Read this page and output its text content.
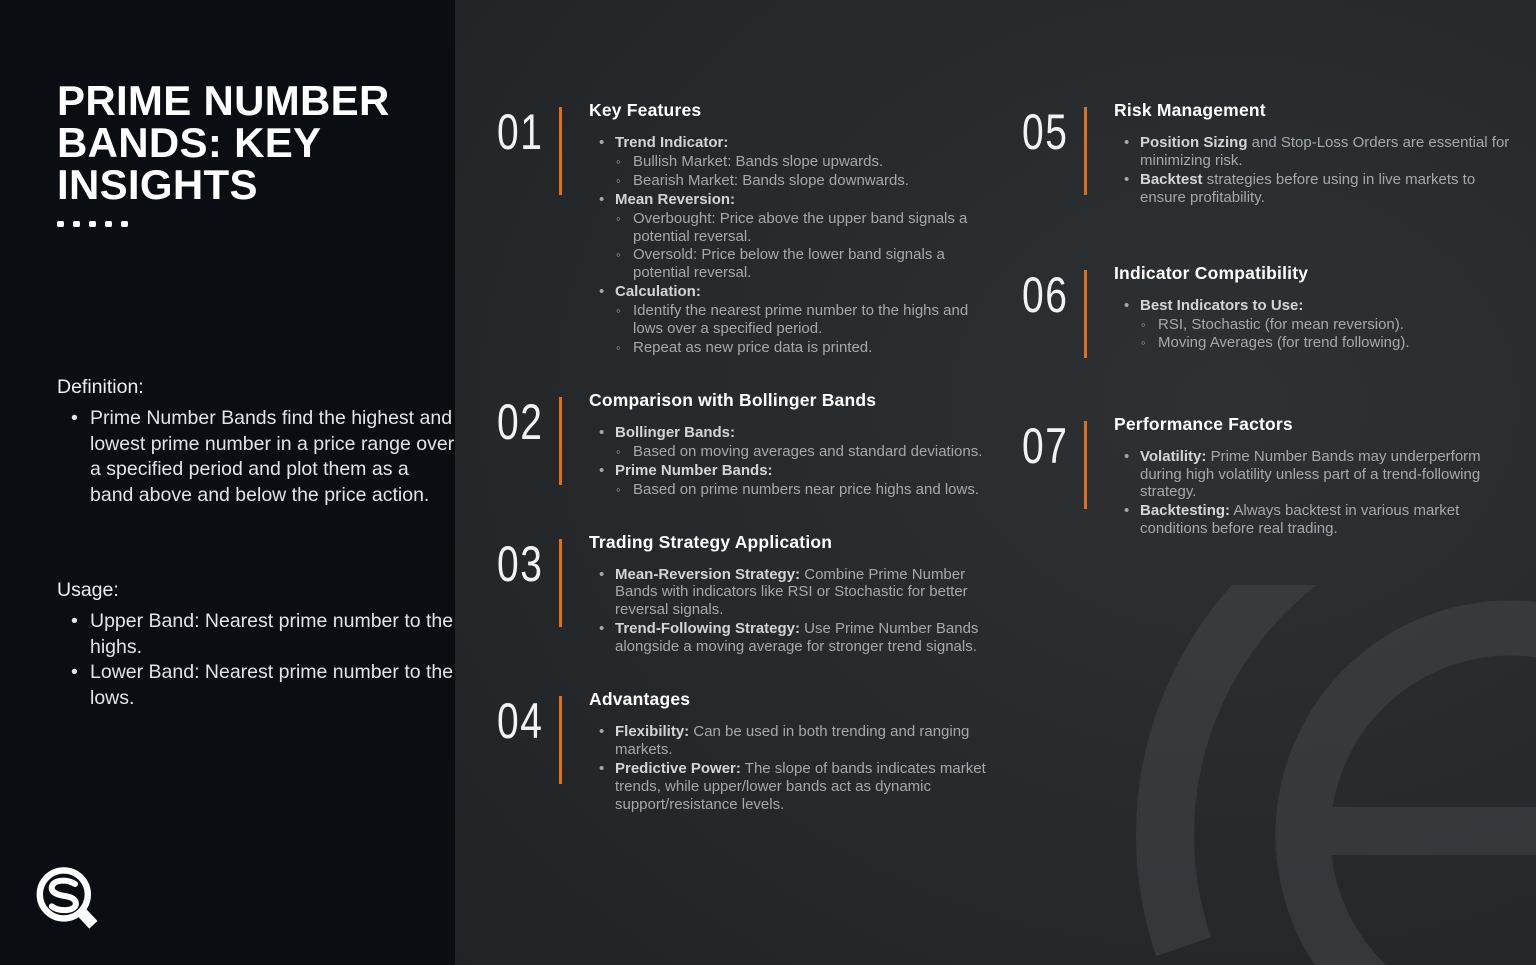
PRIME NUMBER
BANDS: KEY
INSIGHTS
Definition:
• Prime Number Bands find the highest and lowest prime number in a price range over a specified period and plot them as a band above and below the price action.
Usage:
• Upper Band: Nearest prime number to the highs.
• Lower Band: Nearest prime number to the lows.
01	Key Features
• Trend Indicator:
◦ Bullish Market: Bands slope upwards.
◦ Bearish Market: Bands slope downwards.
• Mean Reversion:
◦ Overbought: Price above the upper band signals a potential reversal.
◦ Oversold: Price below the lower band signals a potential reversal.
• Calculation:
◦ Identify the nearest prime number to the highs and lows over a specified period.
◦ Repeat as new price data is printed.
02	Comparison with Bollinger Bands
• Bollinger Bands:
◦ Based on moving averages and standard deviations.
• Prime Number Bands:
◦ Based on prime numbers near price highs and lows.
03	Trading Strategy Application
• Mean-Reversion Strategy: Combine Prime Number Bands with indicators like RSI or Stochastic for better reversal signals.
• Trend-Following Strategy: Use Prime Number Bands alongside a moving average for stronger trend signals.
04	Advantages
• Flexibility: Can be used in both trending and ranging markets.
• Predictive Power: The slope of bands indicates market trends, while upper/lower bands act as dynamic support/resistance levels.
05	Risk Management
• Position Sizing and Stop-Loss Orders are essential for minimizing risk.
• Backtest strategies before using in live markets to ensure profitability.
06	Indicator Compatibility
• Best Indicators to Use:
◦ RSI, Stochastic (for mean reversion).
◦ Moving Averages (for trend following).
07	Performance Factors
• Volatility: Prime Number Bands may underperform during high volatility unless part of a trend-following strategy.
• Backtesting: Always backtest in various market conditions before real trading.
